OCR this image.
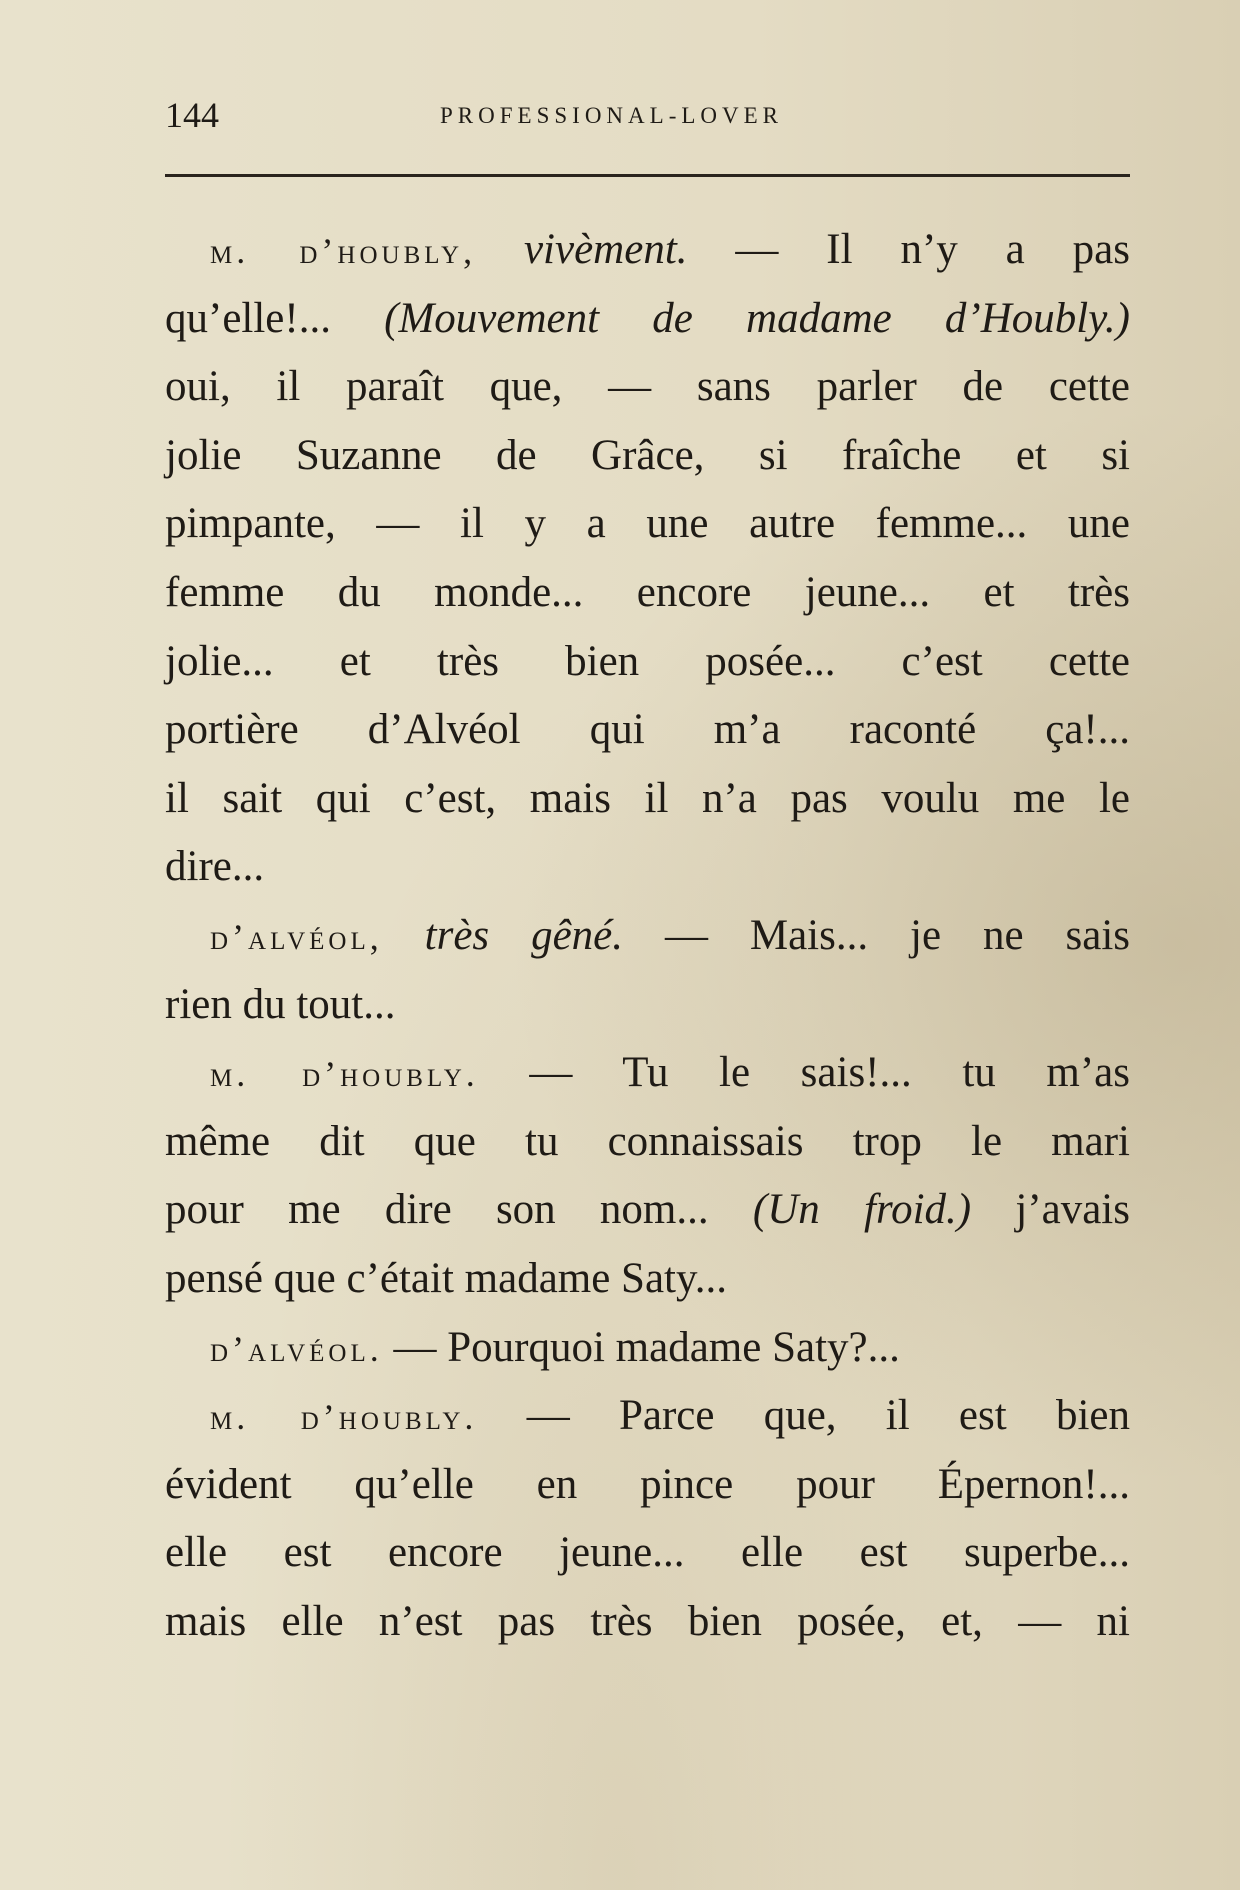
144	PROFESSIONAL-LOVER
m. d’houbly, vivèment. — Il n’y a pas
qu’elle!... (Mouvement de madame d’Houbly.)
oui, il paraît que, — sans parler de cette
jolie Suzanne de Grâce, si fraîche et si
pimpante, — il y a une autre femme... une
femme du monde... encore jeune... et très
jolie... et très bien posée... c’est cette
portière d’Alvéol qui m’a raconté ça!...
il sait qui c’est, mais il n’a pas voulu me le
dire...
d’alvéol, très gêné. — Mais... je ne sais
rien du tout...
m. d’houbly. — Tu le sais!... tu m’as
même dit que tu connaissais trop le mari
pour me dire son nom... (Un froid.) j’avais
pensé que c’était madame Saty...
d’alvéol. — Pourquoi madame Saty?...
m. d’houbly. — Parce que, il est bien
évident qu’elle en pince pour Épernon!...
elle est encore jeune... elle est superbe...
mais elle n’est pas très bien posée, et, — ni
